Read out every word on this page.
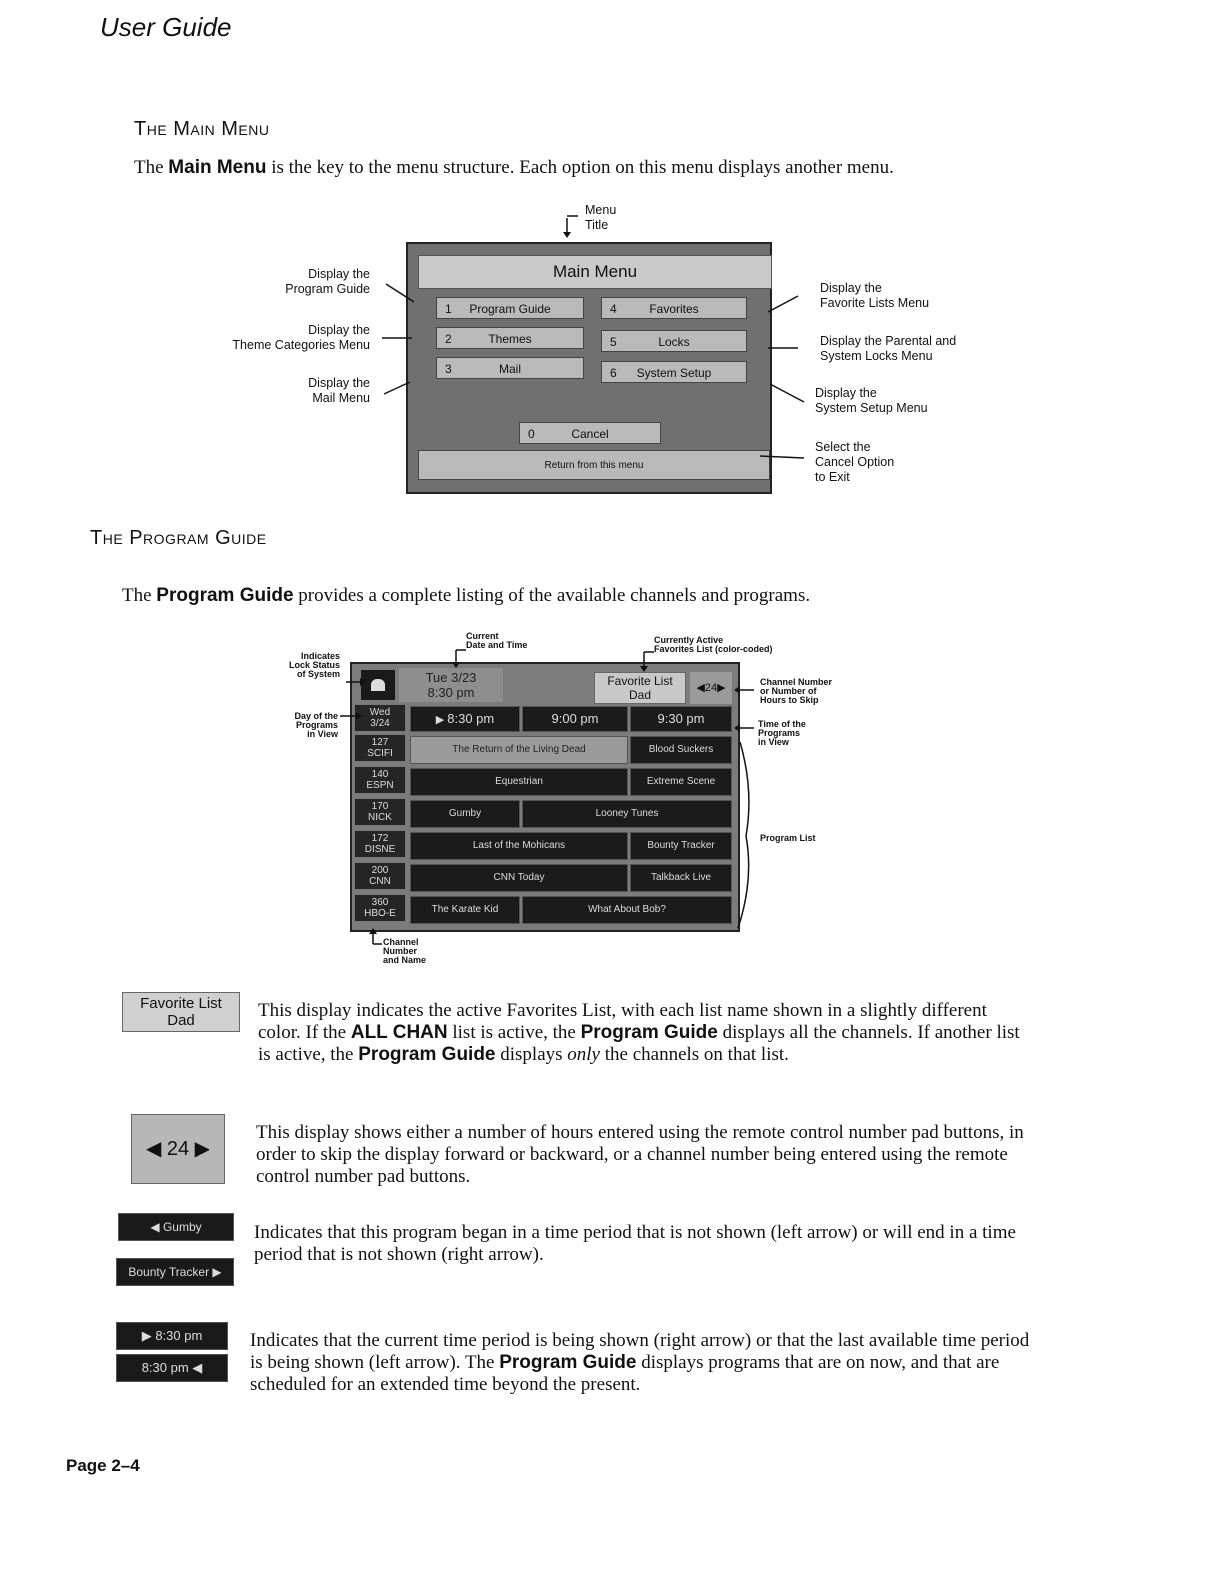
User Guide
The Main Menu
The Main Menu is the key to the menu structure. Each option on this menu displays another menu.
Menu
Title
Main Menu
1	Program Guide
2	Themes
3	Mail
4	Favorites
5	Locks
6	System Setup
0	Cancel
Return from this menu
Display the
Program Guide
Display the
Theme Categories Menu
Display the
Mail Menu
Display the
Favorite Lists Menu
Display the Parental and
System Locks Menu
Display the
System Setup Menu
Select the
Cancel Option
to Exit
The Program Guide
The Program Guide provides a complete listing of the available channels and programs.
Tue 3/23
8:30 pm
Favorite List
Dad	◀24▶
Wed
3/24	▶ 8:30 pm	9:00 pm	9:30 pm
127
SCIFI	The Return of the Living Dead	Blood Suckers
140
ESPN	Equestrian	Extreme Scene
170
NICK	Gumby	Looney Tunes
172
DISNE	Last of the Mohicans	Bounty Tracker
200
CNN	CNN Today	Talkback Live
360
HBO-E	The Karate Kid	What About Bob?
Indicates
Lock Status
of System
Current
Date and Time	Currently Active
Favorites List (color-coded)
Channel Number
or Number of
Hours to Skip
Day of the
Programs
in View
Time of the
Programs
in View
Program List
Channel
Number
and Name
Favorite List
Dad	This display indicates the active Favorites List, with each list name shown in a slightly different color. If the ALL CHAN list is active, the Program Guide displays all the channels. If another list is active, the Program Guide displays only the channels on that list.
◀ 24 ▶
This display shows either a number of hours entered using the remote control number pad buttons, in order to skip the display forward or backward, or a channel number being entered using the remote control number pad buttons.
◀ Gumby
Bounty Tracker ▶
Indicates that this program began in a time period that is not shown (left arrow) or will end in a time period that is not shown (right arrow).
▶ 8:30 pm
8:30 pm ◀
Indicates that the current time period is being shown (right arrow) or that the last available time period is being shown (left arrow). The Program Guide displays programs that are on now, and that are scheduled for an extended time beyond the present.
Page 2–4
